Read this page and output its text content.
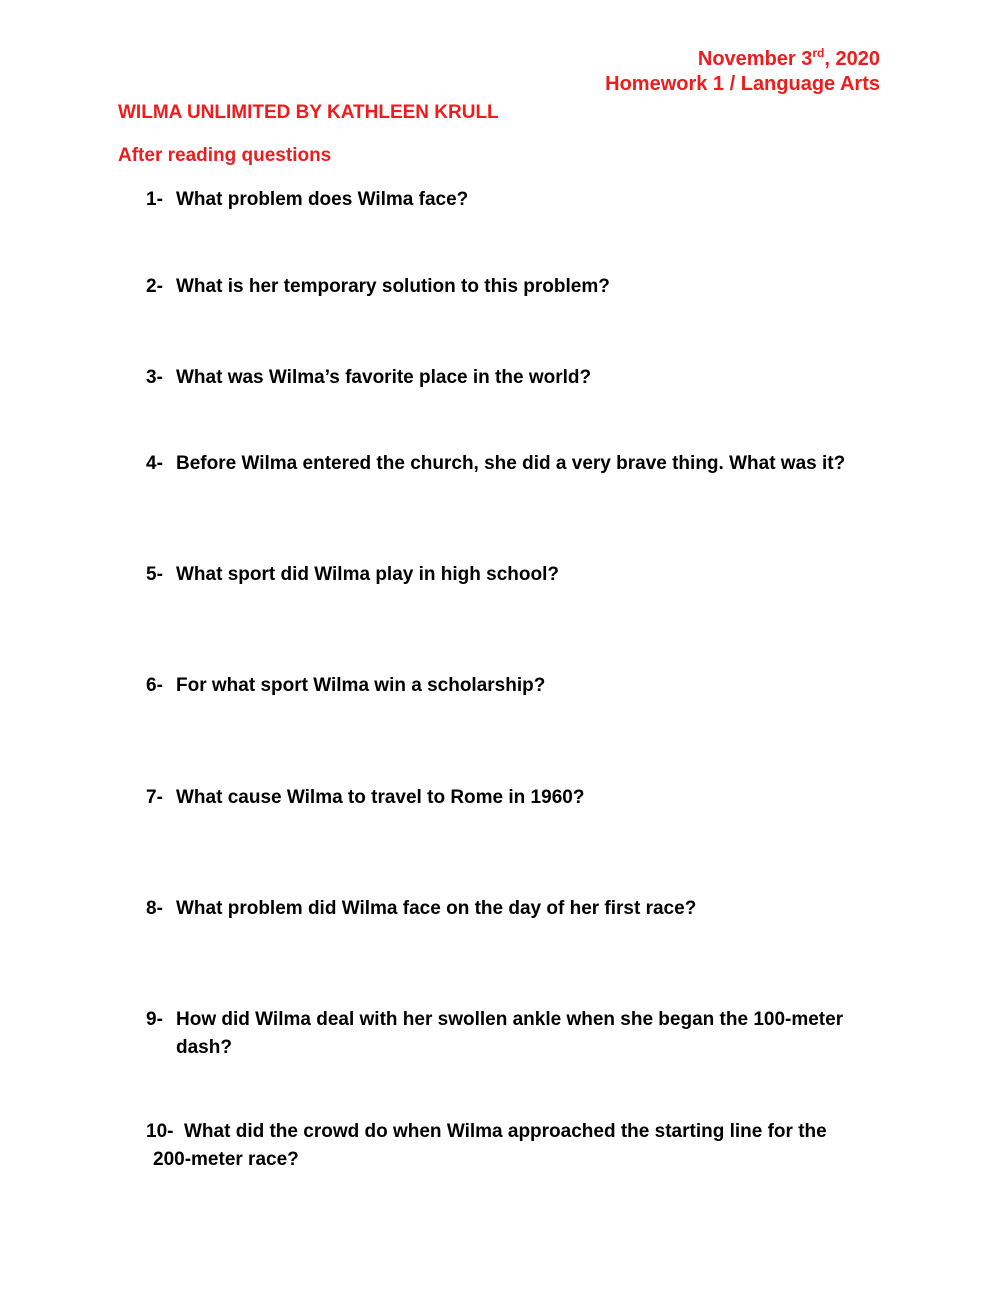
November 3rd, 2020
Homework 1 / Language Arts
WILMA UNLIMITED BY KATHLEEN KRULL
After reading questions
1- What problem does Wilma face?
2- What is her temporary solution to this problem?
3- What was Wilma’s favorite place in the world?
4- Before Wilma entered the church, she did a very brave thing. What was it?
5- What sport did Wilma play in high school?
6- For what sport Wilma win a scholarship?
7- What cause Wilma to travel to Rome in 1960?
8- What problem did Wilma face on the day of her first race?
9- How did Wilma deal with her swollen ankle when she began the 100-meter
dash?
10- What did the crowd do when Wilma approached the starting line for the
200-meter race?
